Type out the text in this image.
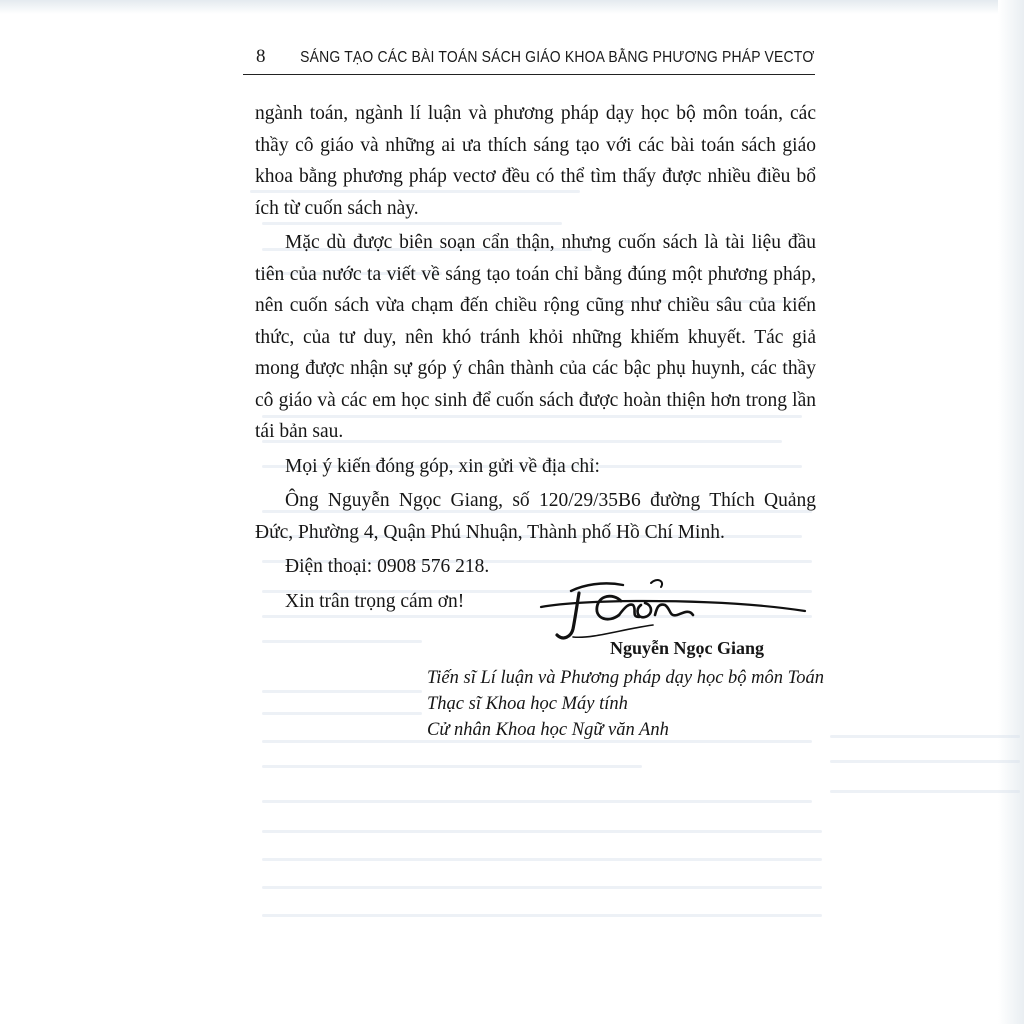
8 SÁNG TẠO CÁC BÀI TOÁN SÁCH GIÁO KHOA BẰNG PHƯƠNG PHÁP VECTƠ

ngành toán, ngành lí luận và phương pháp dạy học bộ môn toán, các thầy cô giáo và những ai ưa thích sáng tạo với các bài toán sách giáo khoa bằng phương pháp vectơ đều có thể tìm thấy được nhiều điều bổ ích từ cuốn sách này.

Mặc dù được biên soạn cẩn thận, nhưng cuốn sách là tài liệu đầu tiên của nước ta viết về sáng tạo toán chỉ bằng đúng một phương pháp, nên cuốn sách vừa chạm đến chiều rộng cũng như chiều sâu của kiến thức, của tư duy, nên khó tránh khỏi những khiếm khuyết. Tác giả mong được nhận sự góp ý chân thành của các bậc phụ huynh, các thầy cô giáo và các em học sinh để cuốn sách được hoàn thiện hơn trong lần tái bản sau.

Mọi ý kiến đóng góp, xin gửi về địa chỉ:

Ông Nguyễn Ngọc Giang, số 120/29/35B6 đường Thích Quảng Đức, Phường 4, Quận Phú Nhuận, Thành phố Hồ Chí Minh.

Điện thoại: 0908 576 218.

Xin trân trọng cám ơn!

Nguyễn Ngọc Giang
Tiến sĩ Lí luận và Phương pháp dạy học bộ môn Toán
Thạc sĩ Khoa học Máy tính
Cử nhân Khoa học Ngữ văn Anh
